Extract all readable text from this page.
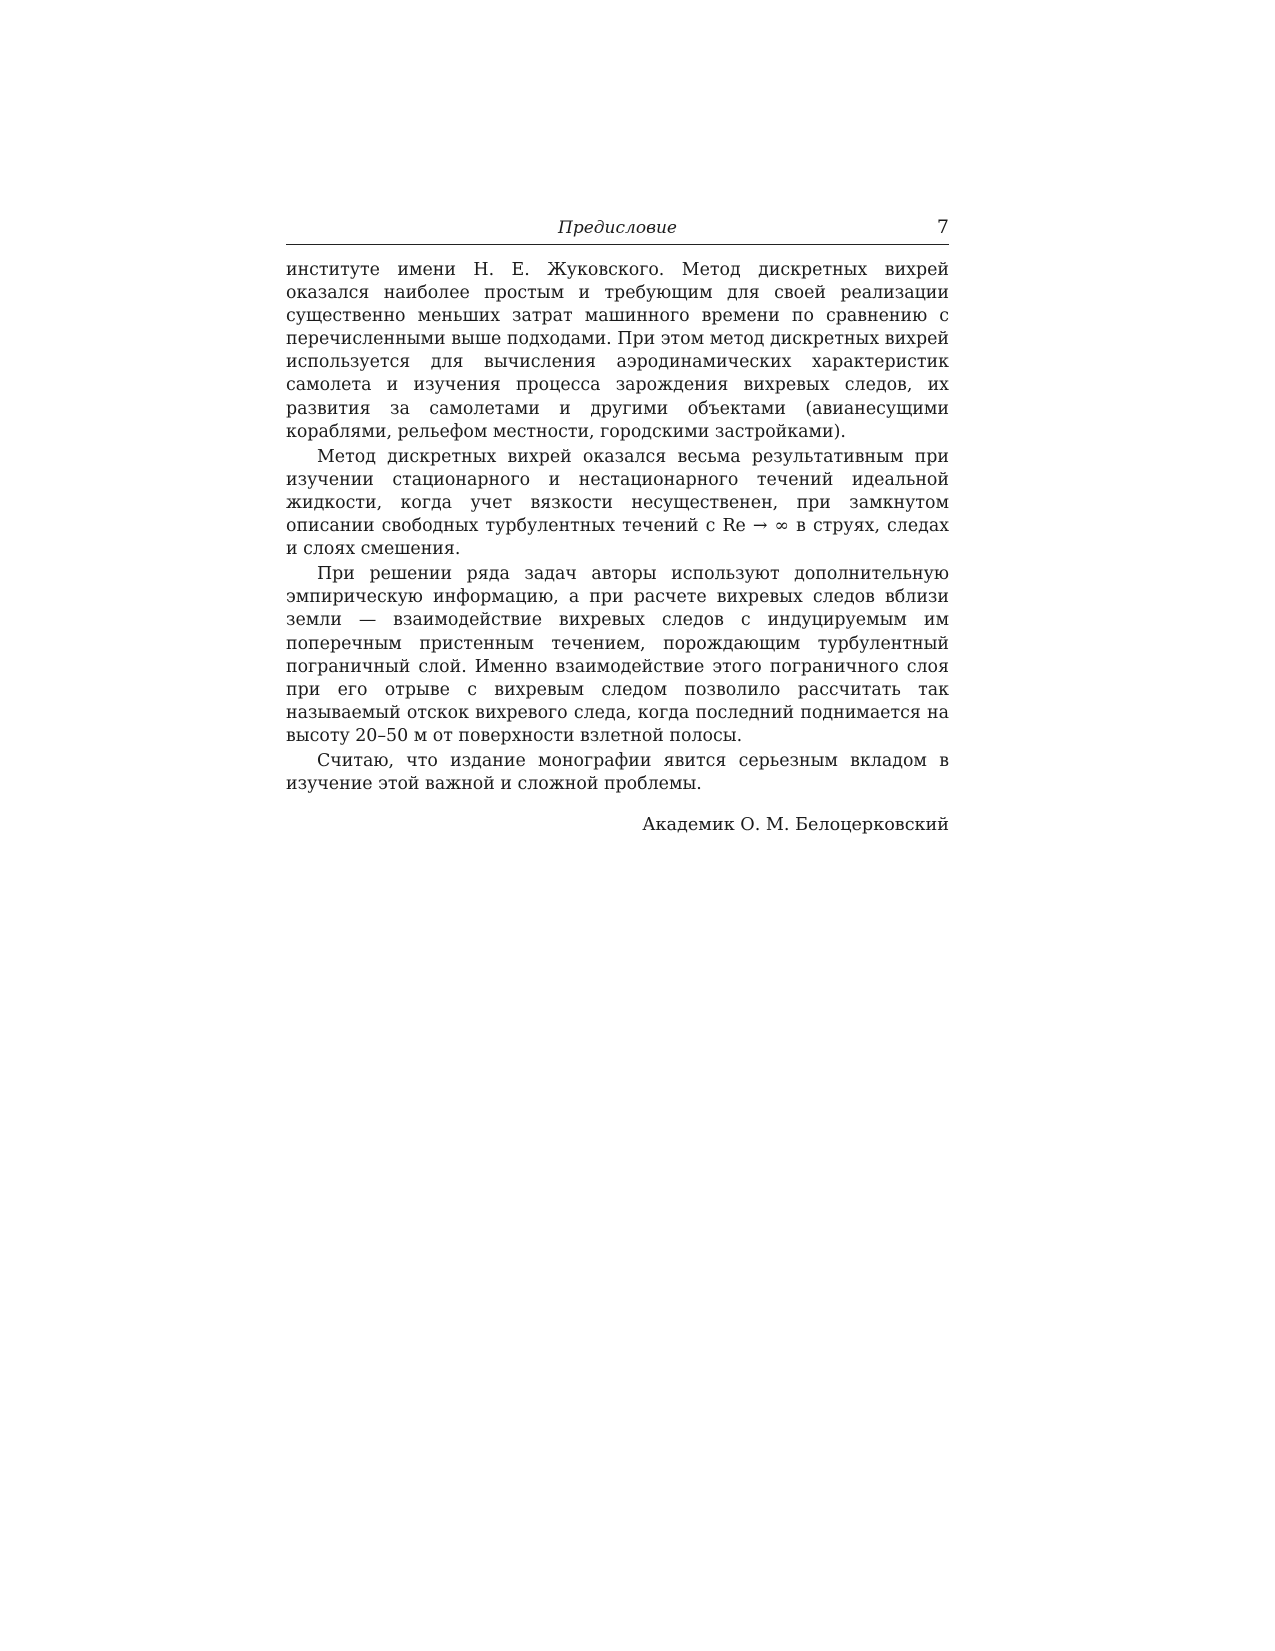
Предисловие	7

институте имени Н. Е. Жуковского. Метод дискретных вихрей оказался наиболее простым и требующим для своей реализации существенно меньших затрат машинного времени по сравнению с перечисленными выше подходами. При этом метод дискретных вихрей используется для вычисления аэродинамических характеристик самолета и изучения процесса зарождения вихревых следов, их развития за самолетами и другими объектами (авианесущими кораблями, рельефом местности, городскими застройками).

Метод дискретных вихрей оказался весьма результативным при изучении стационарного и нестационарного течений идеальной жидкости, когда учет вязкости несущественен, при замкнутом описании свободных турбулентных течений с Re → ∞ в струях, следах и слоях смешения.

При решении ряда задач авторы используют дополнительную эмпирическую информацию, а при расчете вихревых следов вблизи земли — взаимодействие вихревых следов с индуцируемым им поперечным пристенным течением, порождающим турбулентный пограничный слой. Именно взаимодействие этого пограничного слоя при его отрыве с вихревым следом позволило рассчитать так называемый отскок вихревого следа, когда последний поднимается на высоту 20–50 м от поверхности взлетной полосы.

Считаю, что издание монографии явится серьезным вкладом в изучение этой важной и сложной проблемы.

Академик О. М. Белоцерковский
